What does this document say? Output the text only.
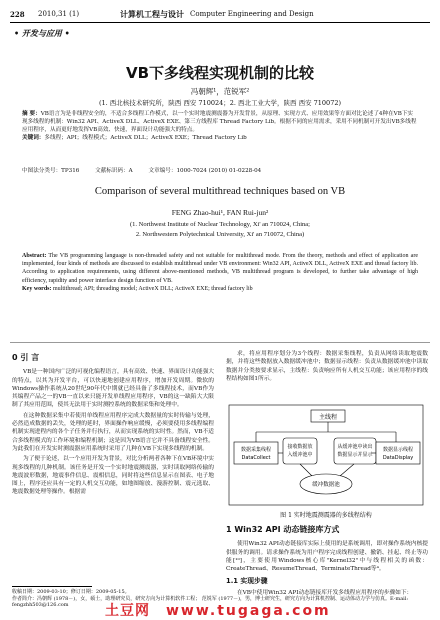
228 2010,31 (1)	计算机工程与设计 Computer Engineering and Design
• 开发与应用 •
VB下多线程实现机制的比较
冯朝辉¹，范锐军²
(1. 西北核技术研究所，陕西 西安 710024；2. 西北工业大学，陕西 西安 710072)
摘 要：VB语言为是非线程安全的，不适合多线程工作模式，以一个实时地震测震器为开发背景，从原理、实现方式、应用效果等方面对比论述了4种在VB下实现多线程的机制：Win32 API、ActiveX DLL、ActiveX EXE、第三方线程库 Thread Factory Lib。根据不同的应用需求，采用不同机制可开发出VB多线程应用程序，从而更好地发挥VB高效、快速，界面设计功能强大的特点。
关键词：多线程；API；线程模式；ActiveX DLL；ActiveX EXE；Thread Factory Lib
中图法分类号：TP316	文献标识码：A	文章编号：1000-7024 (2010) 01-0228-04
Comparison of several multithread techniques based on VB
FENG Zhao-hui¹, FAN Rui-jun²
(1. Northwest Institute of Nuclear Technology, Xi' an 710024, China;
2. Northwestern Polytechnical University, Xi' an 710072, China)
Abstract: The VB programming language is non-threaded safety and not suitable for multithread mode. From the theory, methods and effect of application are implemented, four kinds of methods are discussed to establish multithread under VB environment: Win32 API, ActiveX DLL, ActiveX EXE and thread factory lib. According to application requirements, using different above-mentioned methods, VB multithread program is developed, to further take advantage of high efficiency, rapidity and power interface design function of VB.
Key words: multithread; API; threading model; ActiveX DLL; ActiveX EXE; thread factory lib
0 引 言

VB是一种国内广泛的可视化编程语言，具有高效、快速、界面设计功能强大的特点，以其为开发平台，可以快速地创建应用程序，增加开发周期。微软的Windows操作系统从20世纪90年代中期就已经具备了多线程技术，而VB作为其编程产品之一的VB一直以来只能开发单线程应用程序，VB的这一缺陷大大限制了其应用范围，使其无法用于实时测控系统的数据采集和处理中。

在这种数据采集中若使用单线程应用程序完成大数据量的实时传输与处理，必然造成数据的丢失，处理的延时，界面操作响应缓慢，必须要使用多线程编程机制实现进程内的各个子任务并行执行，从而实现系统的实时性。然而，VB不适合多线程模式的工作环境和编程机制；这是因为VB语言它并不具备线程安全性。为此我们在开发实时测震器应用系统时采用了几种在VB下实现多线程的机制。

为了便于论述，以一个应用开发为背景，对比分析两者各种下在VB环境中实现多线程的几种机制。该任务是开发一个实时地震测震器，实时读取网络传输的地震波形数据，地震事件信息、震相信息，同时将这些信息显示在图表、电子地图上，程序还应具有一定的人机交互功能，如地图缩放、漫游控制、震元选取、地震数据处理等操作。根据需

求，将应用程序划分为3个线程：数据采集线程，负责从网络读取地震数据，并将这些数据放入数据缓冲池中；数据显示线程：负责从数据缓冲池中读取数据并分类按要求显示，主线程：负责响应所有人机交互功能；该应用程序的线程结构如图1所示。

主线程
接收数据放
入缓冲池中
从缓冲池中读出
数据显示并显示
数据采集线程
DataCollect
数据显示线程
DataDisplay
缓冲数据池
图 1 实时地震测震器的多线程结构
1 Win32 API 动态链接库方式

使用Win32 API动态链接库实际上使用的是系统调用，即对操作系统内核提供服务的调用。请求操作系统为用户程序完成线程创建、撤销、挂起、终止等功能[¹⁰]，主要使用Windows核心库"Kernel32"中与线程相关的函数：CreateThread、ResumeThread、TerminateThread等⁴。

1.1 实现步骤

在VB中使用Win32 API动态链接库开发多线程应用程序的步骤如下：

收稿日期：2009-03-10；修订日期：2009-05-15。
作者简介：冯朝辉 (1978－)，女，硕士，助理研究员，研究方向为计算机软件工程； 范锐军 (1977－)，男，博士研究生，研究方向为计算机控制、运动体动力学与仿真。E-mail: fengzhh503@126.com	土豆网 www.tugaga.com
